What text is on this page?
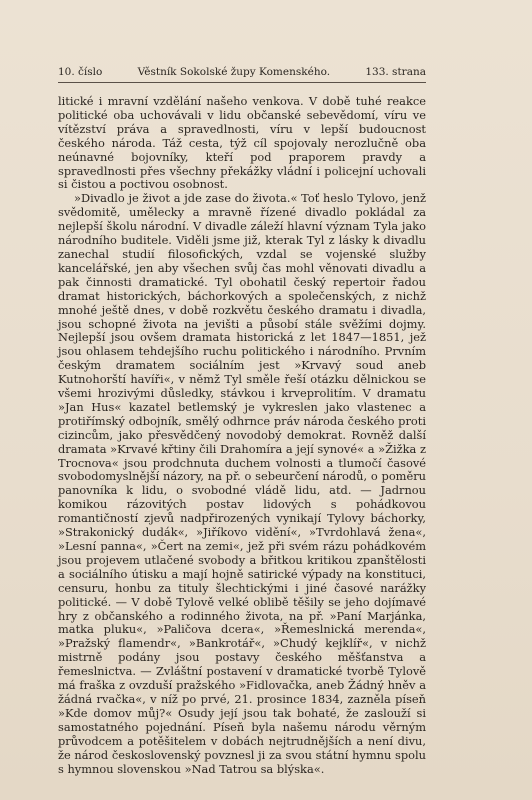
10. číslo	Věstník Sokolské župy Komenského.	133. strana

litické i mravní vzdělání našeho venkova. V době tuhé reakce politické oba uchovávali v lidu občanské sebevědomí, víru ve vítězství práva a spravedlnosti, víru v lepší budoucnost českého národa. Táž cesta, týž cíl spojovaly nerozlučně oba neúnavné bojovníky, kteří pod praporem pravdy a spravedlnosti přes všechny překážky vládní i policejní uchovali si čistou a poctivou osobnost.

»Divadlo je život a jde zase do života.« Toť heslo Tylovo, jenž svědomitě, umělecky a mravně řízené divadlo pokládal za nejlepší školu národní. V divadle záleží hlavní význam Tyla jako národního buditele. Viděli jsme již, kterak Tyl z lásky k divadlu zanechal studií filosofických, vzdal se vojenské služby kancelářské, jen aby všechen svůj čas mohl věnovati divadlu a pak činnosti dramatické. Tyl obohatil český repertoir řadou dramat historických, báchorkových a společenských, z nichž mnohé ještě dnes, v době rozkvětu českého dramatu i divadla, jsou schopné života na jevišti a působí stále svěžími dojmy. Nejlepší jsou ovšem dramata historická z let 1847—1851, jež jsou ohlasem tehdejšího ruchu politického i národního. Prvním českým dramatem sociálním jest »Krvavý soud aneb Kutnohorští havíři«, v němž Tyl směle řeší otázku dělnickou se všemi hrozivými důsledky, stávkou i krveprolitím. V dramatu »Jan Hus« kazatel betlemský je vykreslen jako vlastenec a protiřímský odbojník, smělý odhrnce práv národa českého proti cizincům, jako přesvědčený novodobý demokrat. Rovněž další dramata »Krvavé křtiny čili Drahomíra a její synové« a »Žižka z Trocnova« jsou prodchnuta duchem volnosti a tlumočí časové svobodomyslnější názory, na př. o sebeurčení národů, o poměru panovníka k lidu, o svobodné vládě lidu, atd. — Jadrnou komikou rázovitých postav lidových s pohádkovou romantičností zjevů nadpřirozených vynikají Tylovy báchorky, »Strakonický dudák«, »Jiříkovo vidění«, »Tvrdohlavá žena«, »Lesní panna«, »Čert na zemi«, jež při svém rázu pohádkovém jsou projevem utlačené svobody a břitkou kritikou zpanštělosti a sociálního útisku a mají hojně satirické výpady na konstituci, censuru, honbu za tituly šlechtickými i jiné časové narážky politické. — V době Tylově velké oblibě těšily se jeho dojímavé hry z občanského a rodinného života, na př. »Paní Marjánka, matka pluku«, »Paličova dcera«, »Řemeslnická merenda«, »Pražský flamendr«, »Bankrotář«, »Chudý kejklíř«, v nichž mistrně podány jsou postavy českého měšťanstva a řemeslnictva. — Zvláštní postavení v dramatické tvorbě Tylově má fraška z ovzduší pražského »Fidlovačka, aneb Žádný hněv a žádná rvačka«, v níž po prvé, 21. prosince 1834, zazněla píseň »Kde domov můj?« Osudy její jsou tak bohaté, že zaslouží si samostatného pojednání. Píseň byla našemu národu věrným průvodcem a potěšitelem v dobách nejtrudnějších a není divu, že národ československý povznesl ji za svou státní hymnu spolu s hymnou slovenskou »Nad Tatrou sa blýska«.
